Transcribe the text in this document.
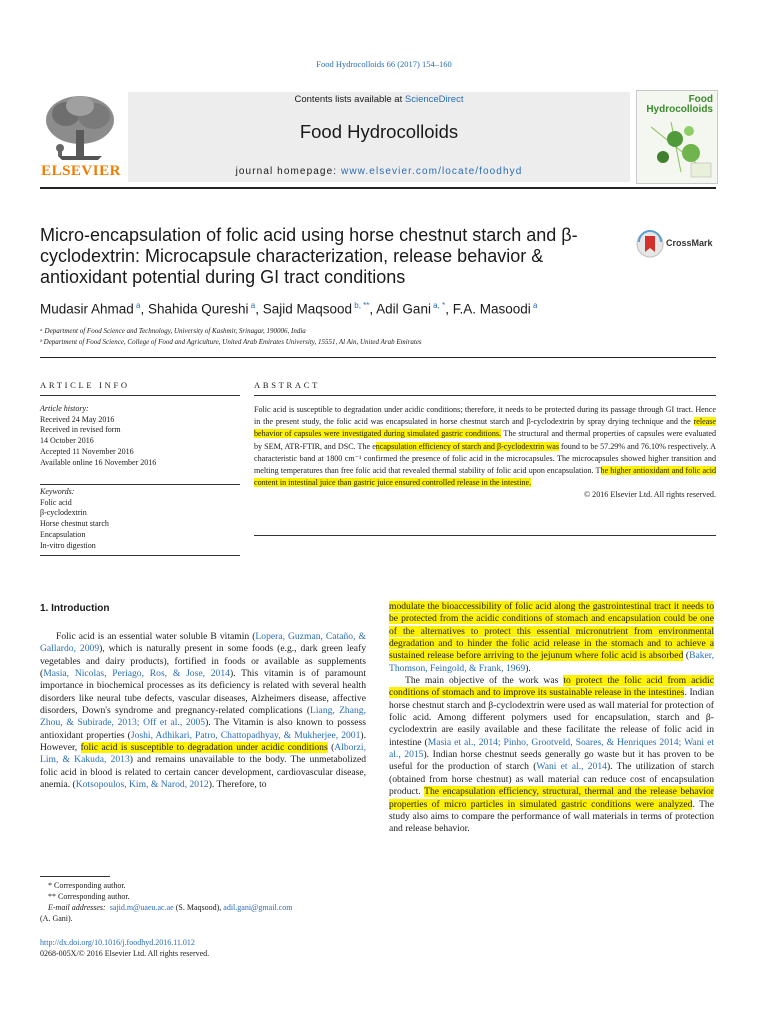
Food Hydrocolloids 66 (2017) 154–160
ELSEVIER
Contents lists available at ScienceDirect
Food Hydrocolloids
journal homepage: www.elsevier.com/locate/foodhyd
Food
Hydrocolloids
Micro-encapsulation of folic acid using horse chestnut starch and β-cyclodextrin: Microcapsule characterization, release behavior & antioxidant potential during GI tract conditions
CrossMark
Mudasir Ahmad $^a$, Shahida Qureshi $^a$, Sajid Maqsood $^{b, **}$, Adil Gani $^{a, *}$, F.A. Masoodi $^a$
ᵃ Department of Food Science and Technology, University of Kashmir, Srinagar, 190006, India
ᵇ Department of Food Science, College of Food and Agriculture, United Arab Emirates University, 15551, Al Ain, United Arab Emirates
ARTICLE INFO	ABSTRACT
Article history:
Received 24 May 2016
Received in revised form
14 October 2016
Accepted 11 November 2016
Available online 16 November 2016
Keywords:
Folic acid
β-cyclodextrin
Horse chestnut starch
Encapsulation
In-vitro digestion
Folic acid is susceptible to degradation under acidic conditions; therefore, it needs to be protected during its passage through GI tract. Hence in the present study, the folic acid was encapsulated in horse chestnut starch and β-cyclodextrin by spray drying technique and the release behavior of capsules were investigated during simulated gastric conditions. The structural and thermal properties of capsules were evaluated by SEM, ATR-FTIR, and DSC. The encapsulation efficiency of starch and β-cyclodextrin was found to be 57.29% and 76.10% respectively. A characteristic band at 1800 cm⁻¹ confirmed the presence of folic acid in the microcapsules. The microcapsules showed higher transition and melting temperatures than free folic acid that revealed thermal stability of folic acid upon encapsulation. The higher antioxidant and folic acid content in intestinal juice than gastric juice ensured controlled release in the intestine.
© 2016 Elsevier Ltd. All rights reserved.
1. Introduction
Folic acid is an essential water soluble B vitamin (Lopera, Guzman, Cataño, & Gallardo, 2009), which is naturally present in some foods (e.g., dark green leafy vegetables and dairy products), fortified in foods or available as supplements (Masia, Nicolas, Periago, Ros, & Jose, 2014). This vitamin is of paramount importance in biochemical processes as its deficiency is related with several health disorders like neural tube defects, vascular diseases, Alzheimers disease, affective disorders, Down's syndrome and pregnancy-related complications (Liang, Zhang, Zhou, & Subirade, 2013; Off et al., 2005). The Vitamin is also known to possess antioxidant properties (Joshi, Adhikari, Patro, Chattopadhyay, & Mukherjee, 2001). However, folic acid is susceptible to degradation under acidic conditions (Alborzi, Lim, & Kakuda, 2013) and remains unavailable to the body. The unmetabolized folic acid in blood is related to certain cancer development, cardiovascular disease, anemia. (Kotsopoulos, Kim, & Narod, 2012). Therefore, to

modulate the bioaccessibility of folic acid along the gastrointestinal tract it needs to be protected from the acidic conditions of stomach and encapsulation could be one of the alternatives to protect this essential micronutrient from environmental degradation and to hinder the folic acid release in the stomach and to achieve a sustained release before arriving to the jejunum where folic acid is absorbed (Baker, Thomson, Feingold, & Frank, 1969).

The main objective of the work was to protect the folic acid from acidic conditions of stomach and to improve its sustainable release in the intestines. Indian horse chestnut starch and β-cyclodextrin were used as wall material for protection of folic acid. Among different polymers used for encapsulation, starch and β-cyclodextrin are easily available and these facilitate the release of folic acid in intestine (Masia et al., 2014; Pinho, Grootveld, Soares, & Henriques 2014; Wani et al., 2015). Indian horse chestnut seeds generally go waste but it has proven to be useful for the production of starch (Wani et al., 2014). The utilization of starch (obtained from horse chestnut) as wall material can reduce cost of encapsulation product. The encapsulation efficiency, structural, thermal and the release behavior properties of micro particles in simulated gastric conditions were analyzed. The study also aims to compare the performance of wall materials in terms of protection and release behavior.

* Corresponding author.
** Corresponding author.
E-mail addresses: sajid.m@uaeu.ac.ae (S. Maqsood), adil.gani@gmail.com
(A. Gani).
http://dx.doi.org/10.1016/j.foodhyd.2016.11.012
0268-005X/© 2016 Elsevier Ltd. All rights reserved.
